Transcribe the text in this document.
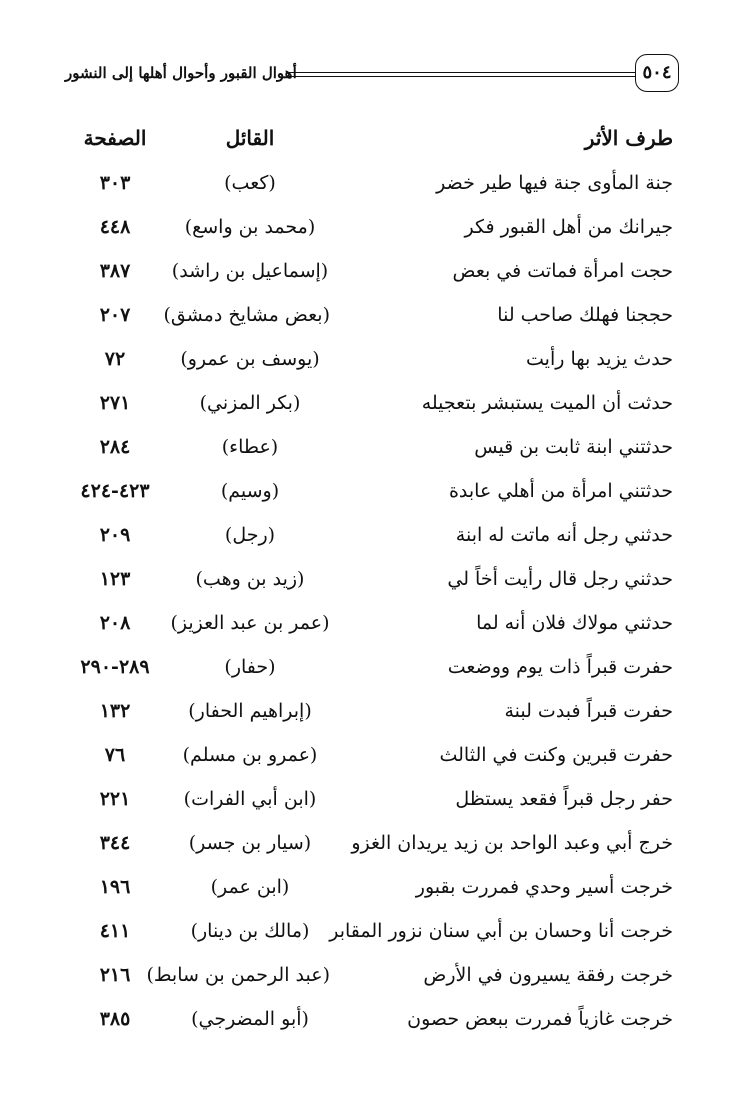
أهوال القبور وأحوال أهلها إلى النشور	٥٠٤
طرف الأثر
القائل
الصفحة
جنة المأوى جنة فيها طير خضر
(كعب)
٣٠٣
جيرانك من أهل القبور فكر
(محمد بن واسع)
٤٤٨
حجت امرأة فماتت في بعض
(إسماعيل بن راشد)
٣٨٧
حججنا فهلك صاحب لنا
(بعض مشايخ دمشق)
٢٠٧
حدث يزيد بها رأيت
(يوسف بن عمرو)
٧٢
حدثت أن الميت يستبشر بتعجيله
(بكر المزني)
٢٧١
حدثتني ابنة ثابت بن قيس
(عطاء)
٢٨٤
حدثتني امرأة من أهلي عابدة
(وسيم)
٤٢٣-٤٢٤
حدثني رجل أنه ماتت له ابنة
(رجل)
٢٠٩
حدثني رجل قال رأيت أخاً لي
(زيد بن وهب)
١٢٣
حدثني مولاك فلان أنه لما
(عمر بن عبد العزيز)
٢٠٨
حفرت قبراً ذات يوم ووضعت
(حفار)
٢٨٩-٢٩٠
حفرت قبراً فبدت لبنة
(إبراهيم الحفار)
١٣٢
حفرت قبرين وكنت في الثالث
(عمرو بن مسلم)
٧٦
حفر رجل قبراً فقعد يستظل
(ابن أبي الفرات)
٢٢١
خرج أبي وعبد الواحد بن زيد يريدان الغزو
(سيار بن جسر)
٣٤٤
خرجت أسير وحدي فمررت بقبور
(ابن عمر)
١٩٦
خرجت أنا وحسان بن أبي سنان نزور المقابر
(مالك بن دينار)
٤١١
خرجت رفقة يسيرون في الأرض
(عبد الرحمن بن سابط)
٢١٦
خرجت غازياً فمررت ببعض حصون
(أبو المضرجي)
٣٨٥
